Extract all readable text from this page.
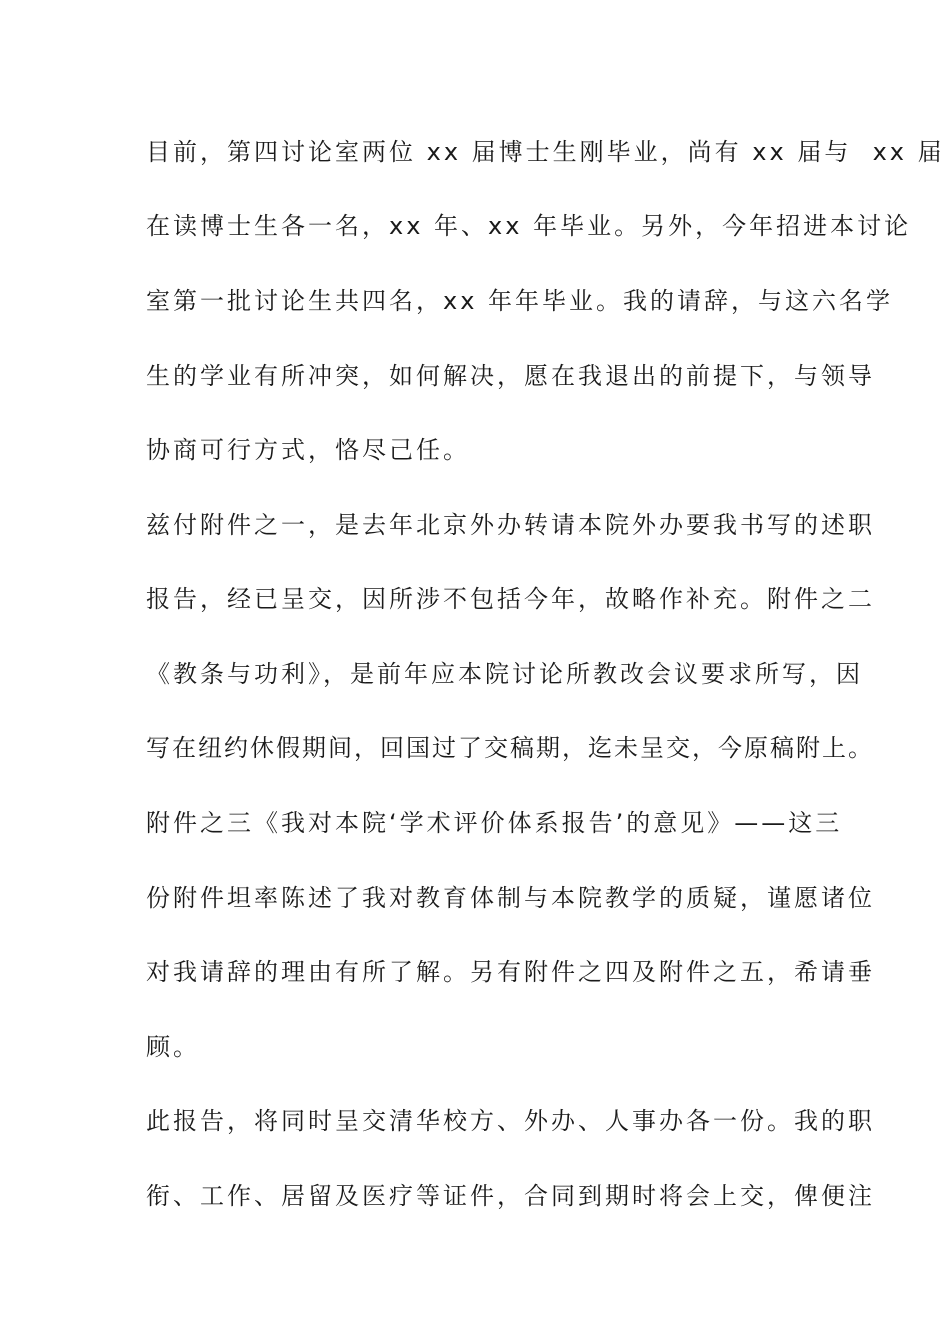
目前，第四讨论室两位 xx 届博士生刚毕业，尚有 xx 届与  xx 届

在读博士生各一名，xx 年、xx 年毕业。另外，今年招进本讨论

室第一批讨论生共四名，xx 年年毕业。我的请辞，与这六名学

生的学业有所冲突，如何解决，愿在我退出的前提下，与领导

协商可行方式，恪尽己任。

兹付附件之一，是去年北京外办转请本院外办要我书写的述职

报告，经已呈交，因所涉不包括今年，故略作补充。附件之二

《教条与功利》，是前年应本院讨论所教改会议要求所写，因

写在纽约休假期间，回国过了交稿期，迄未呈交，今原稿附上。

附件之三《我对本院‘学术评价体系报告’的意见》——这三

份附件坦率陈述了我对教育体制与本院教学的质疑，谨愿诸位

对我请辞的理由有所了解。另有附件之四及附件之五，希请垂

顾。

此报告，将同时呈交清华校方、外办、人事办各一份。我的职

衔、工作、居留及医疗等证件，合同到期时将会上交，俾便注
